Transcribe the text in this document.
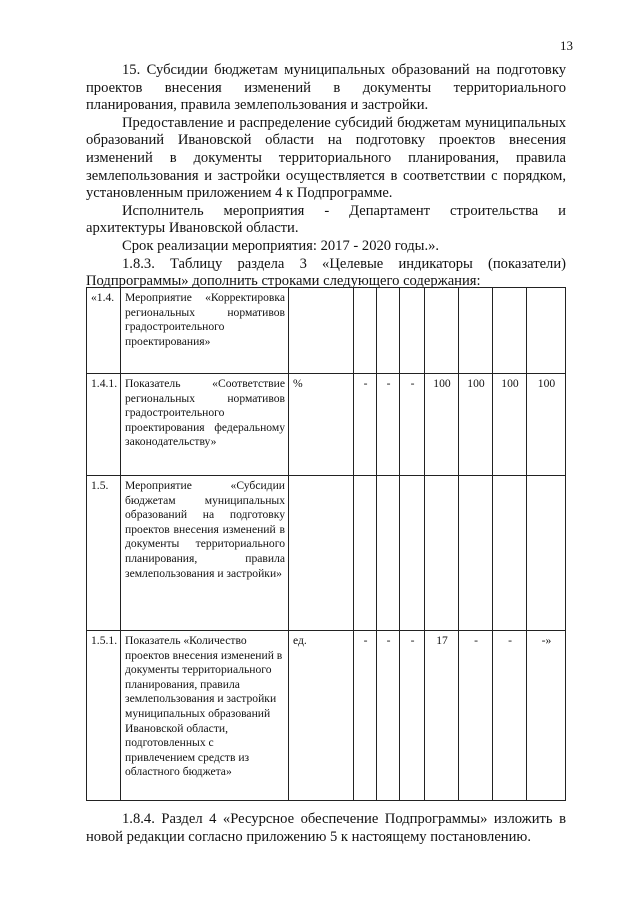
13

15. Субсидии бюджетам муниципальных образований на подготовку проектов внесения изменений в документы территориального планирования, правила землепользования и застройки.

Предоставление и распределение субсидий бюджетам муниципальных образований Ивановской области на подготовку проектов внесения изменений в документы территориального планирования, правила землепользования и застройки осуществляется в соответствии с порядком, установленным приложением 4 к Подпрограмме.

Исполнитель мероприятия - Департамент строительства и архитектуры Ивановской области.

Срок реализации мероприятия: 2017 - 2020 годы.».

1.8.3. Таблицу раздела 3 «Целевые индикаторы (показатели) Подпрограммы» дополнить строками следующего содержания:

«1.4.	Мероприятие «Корректировка региональных нормативов градостроительного проектирования»								
1.4.1.	Показатель «Соответствие региональных нормативов градостроительного проектирования федеральному законодательству»	%	-	-	-	100	100	100	100
1.5.	Мероприятие «Субсидии бюджетам муниципальных образований на подготовку проектов внесения изменений в документы территориального планирования, правила землепользования и застройки»								
1.5.1.	Показатель «Количество проектов внесения изменений в документы территориального планирования, правила землепользования и застройки муниципальных образований Ивановской области, подготовленных с привлечением средств из областного бюджета»	ед.	-	-	-	17	-	-	-»

1.8.4. Раздел 4 «Ресурсное обеспечение Подпрограммы» изложить в новой редакции согласно приложению 5 к настоящему постановлению.
